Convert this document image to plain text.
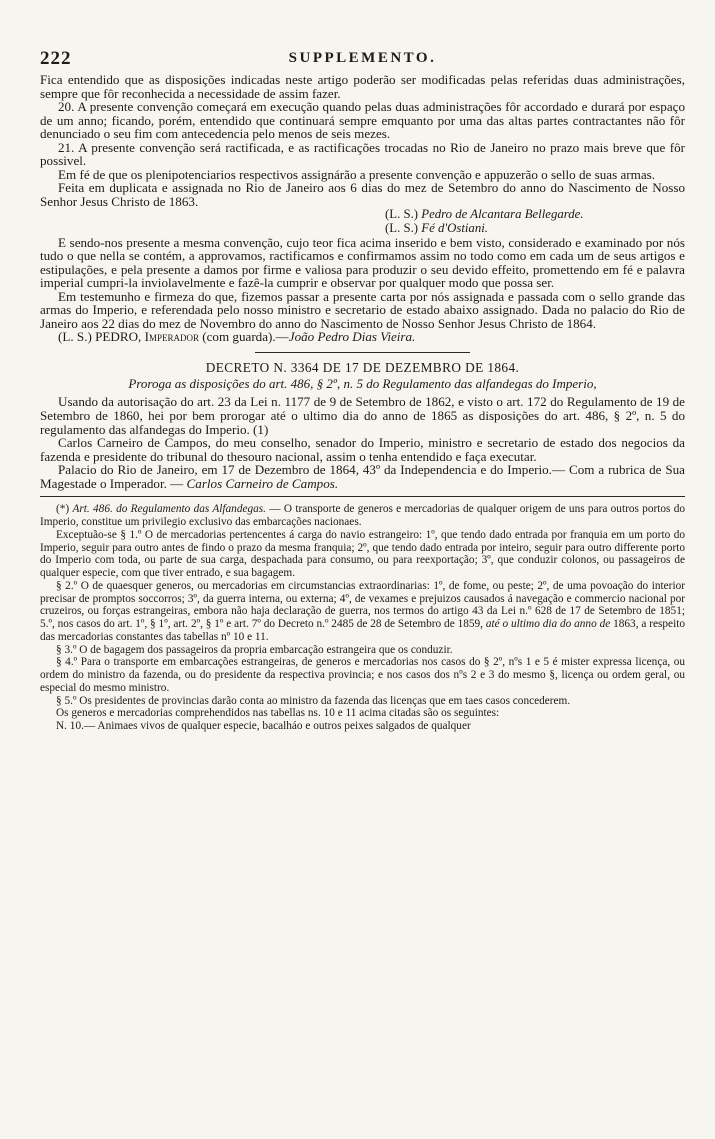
222	SUPPLEMENTO.

Fica entendido que as disposições indicadas neste artigo poderão ser modificadas pelas referidas duas administrações, sempre que fôr reconhecida a necessidade de assim fazer.

20. A presente convenção começará em execução quando pelas duas administrações fôr accordado e durará por espaço de um anno; ficando, porém, entendido que continuará sempre emquanto por uma das altas partes contractantes não fôr denunciado o seu fim com antecedencia pelo menos de seis mezes.

21. A presente convenção será ractificada, e as ractificações trocadas no Rio de Janeiro no prazo mais breve que fôr possivel.

Em fé de que os plenipotenciarios respectivos assignárão a presente convenção e appuzerão o sello de suas armas.

Feita em duplicata e assignada no Rio de Janeiro aos 6 dias do mez de Setembro do anno do Nascimento de Nosso Senhor Jesus Christo de 1863.

(L. S.) Pedro de Alcantara Bellegarde.

(L. S.) Fé d'Ostiani.

E sendo-nos presente a mesma convenção, cujo teor fica acima inserido e bem visto, considerado e examinado por nós tudo o que nella se contém, a approvamos, ractificamos e confirmamos assim no todo como em cada um de seus artigos e estipulações, e pela presente a damos por firme e valiosa para produzir o seu devido effeito, promettendo em fé e palavra imperial cumpri-la inviolavelmente e fazê-la cumprir e observar por qualquer modo que possa ser.

Em testemunho e firmeza do que, fizemos passar a presente carta por nós assignada e passada com o sello grande das armas do Imperio, e referendada pelo nosso ministro e secretario de estado abaixo assignado. Dada no palacio do Rio de Janeiro aos 22 dias do mez de Novembro do anno do Nascimento de Nosso Senhor Jesus Christo de 1864.

(L. S.) PEDRO, Imperador (com guarda).—João Pedro Dias Vieira.

DECRETO N. 3364 DE 17 DE DEZEMBRO DE 1864.

Proroga as disposições do art. 486, § 2º, n. 5 do Regulamento das alfandegas do Imperio,

Usando da autorisação do art. 23 da Lei n. 1177 de 9 de Setembro de 1862, e visto o art. 172 do Regulamento de 19 de Setembro de 1860, hei por bem prorogar até o ultimo dia do anno de 1865 as disposições do art. 486, § 2º, n. 5 do regulamento das alfandegas do Imperio. (1)

Carlos Carneiro de Campos, do meu conselho, senador do Imperio, ministro e secretario de estado dos negocios da fazenda e presidente do tribunal do thesouro nacional, assim o tenha entendido e faça executar.

Palacio do Rio de Janeiro, em 17 de Dezembro de 1864, 43º da Independencia e do Imperio.— Com a rubrica de Sua Magestade o Imperador. — Carlos Carneiro de Campos.

(*) Art. 486. do Regulamento das Alfandegas. — O transporte de generos e mercadorias de qualquer origem de uns para outros portos do Imperio, constitue um privilegio exclusivo das embarcações nacionaes.

Exceptuão-se § 1.º O de mercadorias pertencentes á carga do navio estrangeiro: 1º, que tendo dado entrada por franquia em um porto do Imperio, seguir para outro antes de findo o prazo da mesma franquia; 2º, que tendo dado entrada por inteiro, seguir para outro differente porto do Imperio com toda, ou parte de sua carga, despachada para consumo, ou para reexportação; 3º, que conduzir colonos, ou passageiros de qualquer especie, com que tiver entrado, e sua bagagem.

§ 2.º O de quaesquer generos, ou mercadorias em circumstancias extraordinarias: 1º, de fome, ou peste; 2º, de uma povoação do interior precisar de promptos soccorros; 3º, da guerra interna, ou externa; 4º, de vexames e prejuizos causados á navegação e commercio nacional por cruzeiros, ou forças estrangeiras, embora não haja declaração de guerra, nos termos do artigo 43 da Lei n.º 628 de 17 de Setembro de 1851; 5.º, nos casos do art. 1º, § 1º, art. 2º, § 1º e art. 7º do Decreto n.º 2485 de 28 de Setembro de 1859, até o ultimo dia do anno de 1863, a respeito das mercadorias constantes das tabellas nº 10 e 11.

§ 3.º O de bagagem dos passageiros da propria embarcação estrangeira que os conduzir.

§ 4.º Para o transporte em embarcações estrangeiras, de generos e mercadorias nos casos do § 2º, nºs 1 e 5 é mister expressa licença, ou ordem do ministro da fazenda, ou do presidente da respectiva provincia; e nos casos dos nºs 2 e 3 do mesmo §, licença ou ordem geral, ou especial do mesmo ministro.

§ 5.º Os presidentes de provincias darão conta ao ministro da fazenda das licenças que em taes casos concederem.

Os generos e mercadorias comprehendidos nas tabellas ns. 10 e 11 acima citadas são os seguintes:

N. 10.— Animaes vivos de qualquer especie, bacalháo e outros peixes salgados de qualquer
